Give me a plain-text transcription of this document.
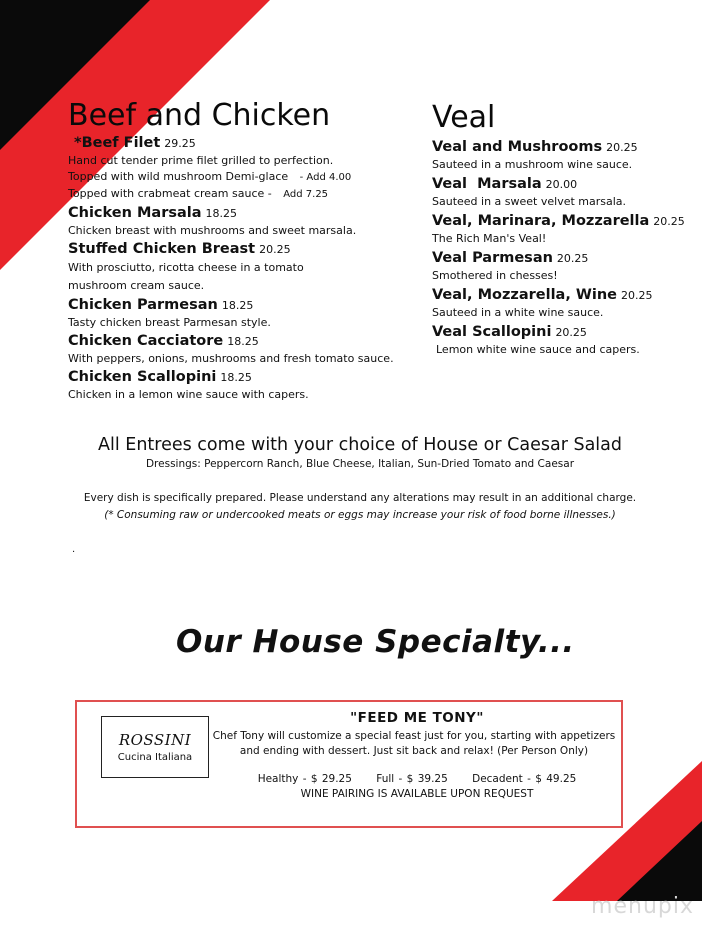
Beef and Chicken
*Beef Filet 29.25
Hand cut tender prime filet grilled to perfection.
Topped with wild mushroom Demi-glace - Add 4.00
Topped with crabmeat cream sauce - Add 7.25
Chicken Marsala 18.25
Chicken breast with mushrooms and sweet marsala.
Stuffed Chicken Breast 20.25
With prosciutto, ricotta cheese in a tomato
mushroom cream sauce.
Chicken Parmesan 18.25
Tasty chicken breast Parmesan style.
Chicken Cacciatore 18.25
With peppers, onions, mushrooms and fresh tomato sauce.
Chicken Scallopini 18.25
Chicken in a lemon wine sauce with capers.
Veal
Veal and Mushrooms 20.25
Sauteed in a mushroom wine sauce.
Veal  Marsala 20.00
Sauteed in a sweet velvet marsala.
Veal, Marinara, Mozzarella 20.25
The Rich Man's Veal!
Veal Parmesan 20.25
Smothered in chesses!
Veal, Mozzarella, Wine 20.25
Sauteed in a white wine sauce.
Veal Scallopini 20.25
Lemon white wine sauce and capers.
All Entrees come with your choice of House or Caesar Salad
Dressings: Peppercorn Ranch, Blue Cheese, Italian, Sun-Dried Tomato and Caesar
Every dish is specifically prepared. Please understand any alterations may result in an additional charge.
(* Consuming raw or undercooked meats or eggs may increase your risk of food borne illnesses.)
.
Our House Specialty...
ROSSINI
Cucina Italiana
"FEED ME TONY"
Chef Tony will customize a special feast just for you, starting with appetizers
and ending with dessert. Just sit back and relax! (Per Person Only)
Healthy - $ 29.25 Full - $ 39.25 Decadent - $ 49.25
WINE PAIRING IS AVAILABLE UPON REQUEST
menupix
